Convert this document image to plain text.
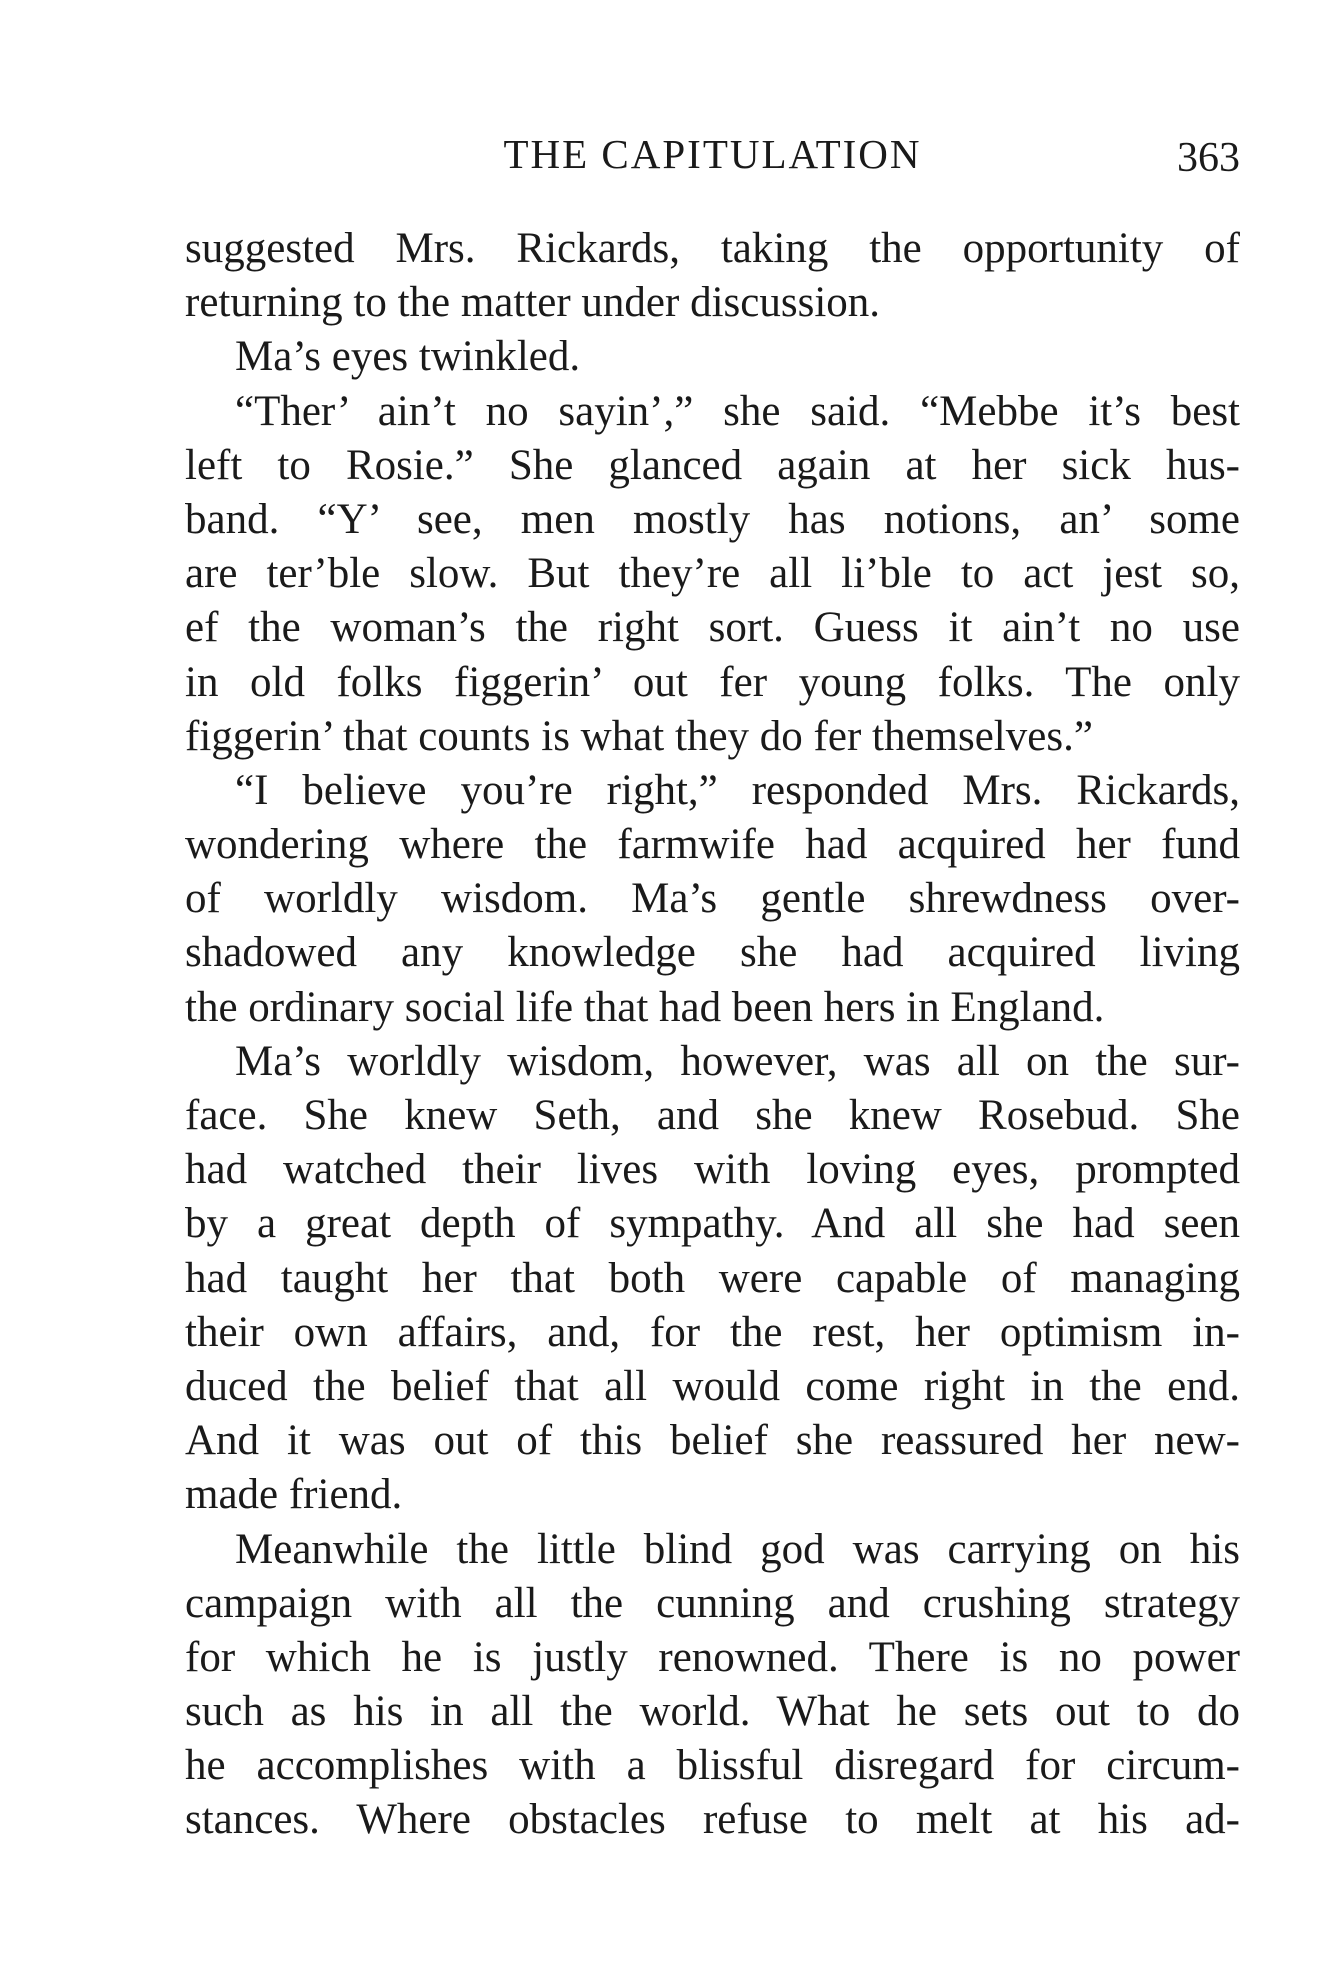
THE CAPITULATION	363
suggested Mrs. Rickards, taking the opportunity of
returning to the matter under discussion.
Ma’s eyes twinkled.
“Ther’ ain’t no sayin’,” she said. “Mebbe it’s best
left to Rosie.” She glanced again at her sick hus-
band. “Y’ see, men mostly has notions, an’ some
are ter’ble slow. But they’re all li’ble to act jest so,
ef the woman’s the right sort. Guess it ain’t no use
in old folks figgerin’ out fer young folks. The only
figgerin’ that counts is what they do fer themselves.”
“I believe you’re right,” responded Mrs. Rickards,
wondering where the farmwife had acquired her fund
of worldly wisdom. Ma’s gentle shrewdness over-
shadowed any knowledge she had acquired living
the ordinary social life that had been hers in England.
Ma’s worldly wisdom, however, was all on the sur-
face. She knew Seth, and she knew Rosebud. She
had watched their lives with loving eyes, prompted
by a great depth of sympathy. And all she had seen
had taught her that both were capable of managing
their own affairs, and, for the rest, her optimism in-
duced the belief that all would come right in the end.
And it was out of this belief she reassured her new-
made friend.
Meanwhile the little blind god was carrying on his
campaign with all the cunning and crushing strategy
for which he is justly renowned. There is no power
such as his in all the world. What he sets out to do
he accomplishes with a blissful disregard for circum-
stances. Where obstacles refuse to melt at his ad-
